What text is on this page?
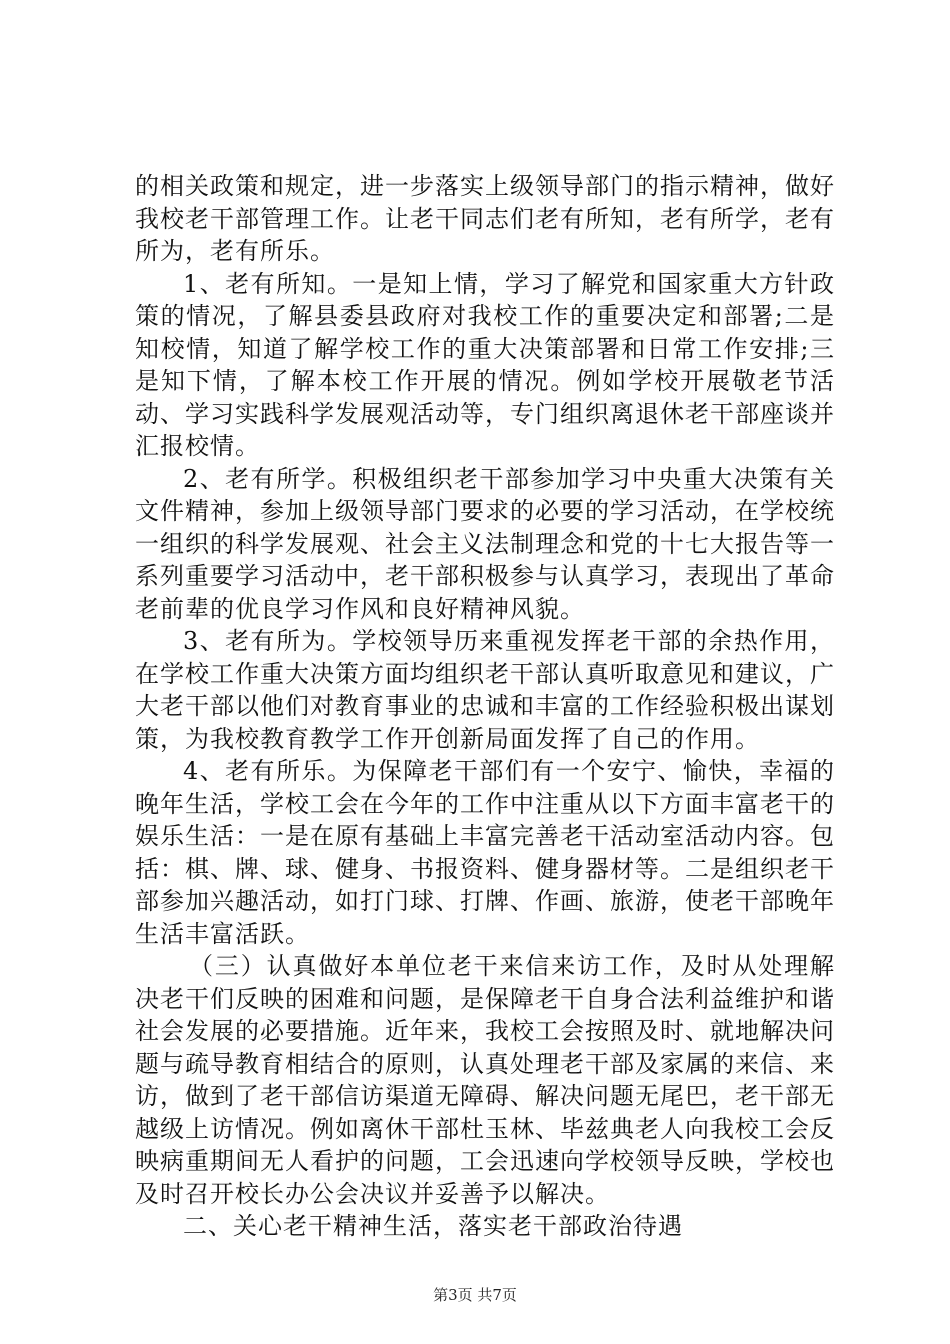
的相关政策和规定，进一步落实上级领导部门的指示精神，做好我校老干部管理工作。让老干同志们老有所知，老有所学，老有所为，老有所乐。

1、老有所知。一是知上情，学习了解党和国家重大方针政策的情况，了解县委县政府对我校工作的重要决定和部署;二是知校情，知道了解学校工作的重大决策部署和日常工作安排;三是知下情，了解本校工作开展的情况。例如学校开展敬老节活动、学习实践科学发展观活动等，专门组织离退休老干部座谈并汇报校情。

2、老有所学。积极组织老干部参加学习中央重大决策有关文件精神，参加上级领导部门要求的必要的学习活动，在学校统一组织的科学发展观、社会主义法制理念和党的十七大报告等一系列重要学习活动中，老干部积极参与认真学习，表现出了革命老前辈的优良学习作风和良好精神风貌。

3、老有所为。学校领导历来重视发挥老干部的余热作用，在学校工作重大决策方面均组织老干部认真听取意见和建议，广大老干部以他们对教育事业的忠诚和丰富的工作经验积极出谋划策，为我校教育教学工作开创新局面发挥了自己的作用。

4、老有所乐。为保障老干部们有一个安宁、愉快，幸福的晚年生活，学校工会在今年的工作中注重从以下方面丰富老干的娱乐生活：一是在原有基础上丰富完善老干活动室活动内容。包括：棋、牌、球、健身、书报资料、健身器材等。二是组织老干部参加兴趣活动，如打门球、打牌、作画、旅游，使老干部晚年生活丰富活跃。

（三）认真做好本单位老干来信来访工作，及时从处理解决老干们反映的困难和问题，是保障老干自身合法利益维护和谐社会发展的必要措施。近年来，我校工会按照及时、就地解决问题与疏导教育相结合的原则，认真处理老干部及家属的来信、来访，做到了老干部信访渠道无障碍、解决问题无尾巴，老干部无越级上访情况。例如离休干部杜玉林、毕兹典老人向我校工会反映病重期间无人看护的问题，工会迅速向学校领导反映，学校也及时召开校长办公会决议并妥善予以解决。

二、关心老干精神生活，落实老干部政治待遇

第3页 共7页
